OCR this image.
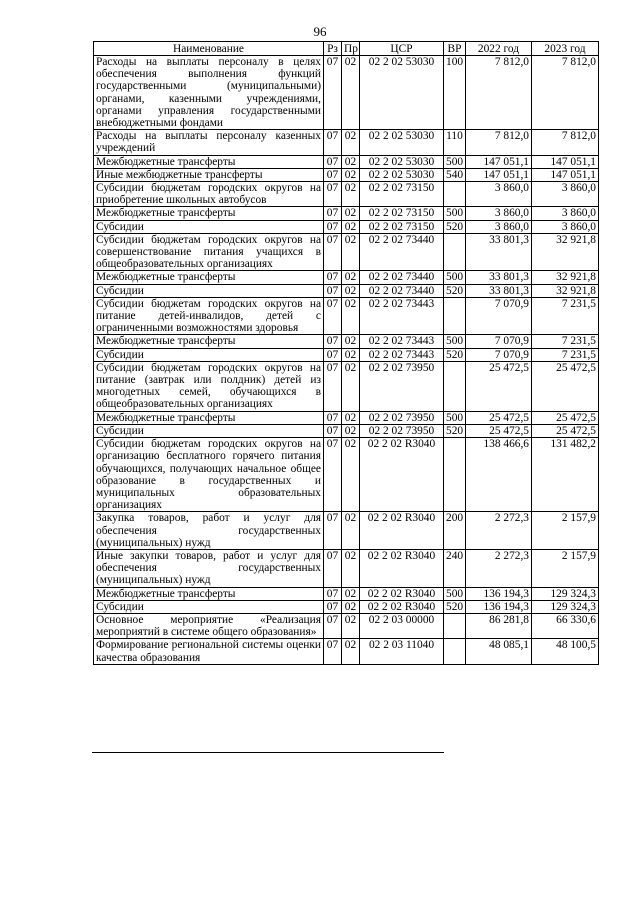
96
Наименование	Рз	Пр	ЦСР	ВР	2022 год	2023 год
Расходы на выплаты персоналу в целях обеспечения выполнения функций государственными (муниципальными) органами, казенными учреждениями, органами управления государственными внебюджетными фондами	07	02	02 2 02 53030	100	7 812,0	7 812,0
Расходы на выплаты персоналу казенных учреждений	07	02	02 2 02 53030	110	7 812,0	7 812,0
Межбюджетные трансферты	07	02	02 2 02 53030	500	147 051,1	147 051,1
Иные межбюджетные трансферты	07	02	02 2 02 53030	540	147 051,1	147 051,1
Субсидии бюджетам городских округов на приобретение школьных автобусов	07	02	02 2 02 73150		3 860,0	3 860,0
Межбюджетные трансферты	07	02	02 2 02 73150	500	3 860,0	3 860,0
Субсидии	07	02	02 2 02 73150	520	3 860,0	3 860,0
Субсидии бюджетам городских округов на совершенствование питания учащихся в общеобразовательных организациях	07	02	02 2 02 73440		33 801,3	32 921,8
Межбюджетные трансферты	07	02	02 2 02 73440	500	33 801,3	32 921,8
Субсидии	07	02	02 2 02 73440	520	33 801,3	32 921,8
Субсидии бюджетам городских округов на питание детей-инвалидов, детей с ограниченными возможностями здоровья	07	02	02 2 02 73443		7 070,9	7 231,5
Межбюджетные трансферты	07	02	02 2 02 73443	500	7 070,9	7 231,5
Субсидии	07	02	02 2 02 73443	520	7 070,9	7 231,5
Субсидии бюджетам городских округов на питание (завтрак или полдник) детей из многодетных семей, обучающихся в общеобразовательных организациях	07	02	02 2 02 73950		25 472,5	25 472,5
Межбюджетные трансферты	07	02	02 2 02 73950	500	25 472,5	25 472,5
Субсидии	07	02	02 2 02 73950	520	25 472,5	25 472,5
Субсидии бюджетам городских округов на организацию бесплатного горячего питания обучающихся, получающих начальное общее образование в государственных и муниципальных образовательных организациях	07	02	02 2 02 R3040		138 466,6	131 482,2
Закупка товаров, работ и услуг для обеспечения государственных (муниципальных) нужд	07	02	02 2 02 R3040	200	2 272,3	2 157,9
Иные закупки товаров, работ и услуг для обеспечения государственных (муниципальных) нужд	07	02	02 2 02 R3040	240	2 272,3	2 157,9
Межбюджетные трансферты	07	02	02 2 02 R3040	500	136 194,3	129 324,3
Субсидии	07	02	02 2 02 R3040	520	136 194,3	129 324,3
Основное мероприятие «Реализация мероприятий в системе общего образования»	07	02	02 2 03 00000		86 281,8	66 330,6
Формирование региональной системы оценки качества образования	07	02	02 2 03 11040		48 085,1	48 100,5
